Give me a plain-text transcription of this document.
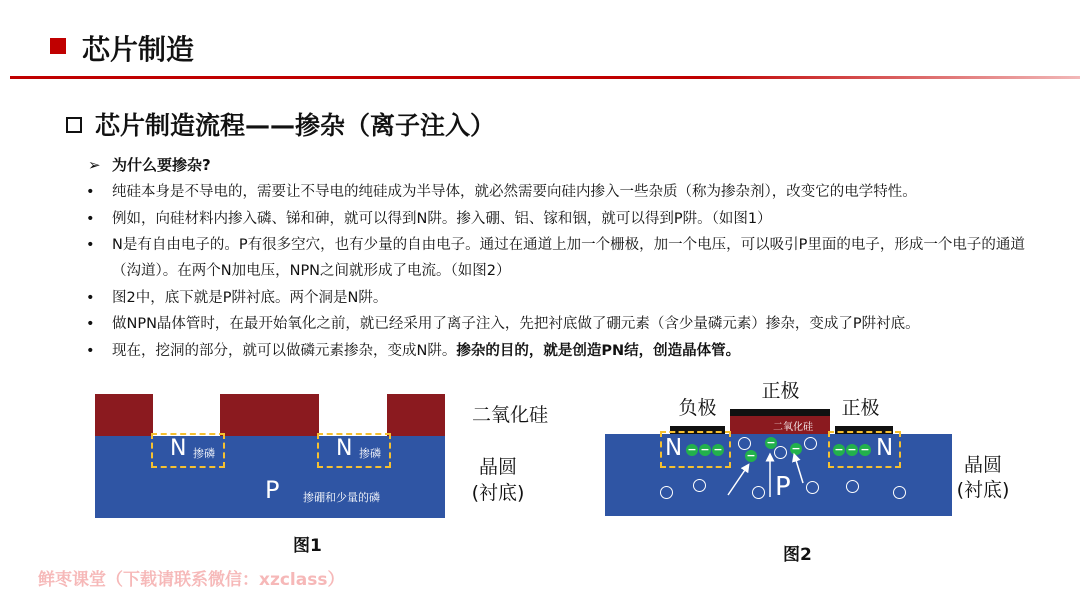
芯片制造
芯片制造流程——掺杂（离子注入）
➢ 为什么要掺杂?
• 纯硅本身是不导电的，需要让不导电的纯硅成为半导体，就必然需要向硅内掺入一些杂质（称为掺杂剂），改变它的电学特性。
• 例如，向硅材料内掺入磷、锑和砷，就可以得到N阱。掺入硼、铝、镓和铟，就可以得到P阱。（如图1）
• N是有自由电子的。P有很多空穴，也有少量的自由电子。通过在通道上加一个栅极，加一个电压，可以吸引P里面的电子，形成一个电子的通道（沟道）。在两个N加电压，NPN之间就形成了电流。（如图2）
• 图2中，底下就是P阱衬底。两个洞是N阱。
• 做NPN晶体管时，在最开始氧化之前，就已经采用了离子注入，先把衬底做了硼元素（含少量磷元素）掺杂，变成了P阱衬底。
• 现在，挖洞的部分，就可以做磷元素掺杂，变成N阱。掺杂的目的，就是创造PN结，创造晶体管。
N 掺磷	N 掺磷
P 掺硼和少量的磷
二氧化硅
晶圆
(衬底)
图1
二氧化硅
N	N
P
− − −	− − −
−
− −
负极
正极
正极
晶圆
(衬底)
图2
鲜枣课堂（下载请联系微信：xzclass）
